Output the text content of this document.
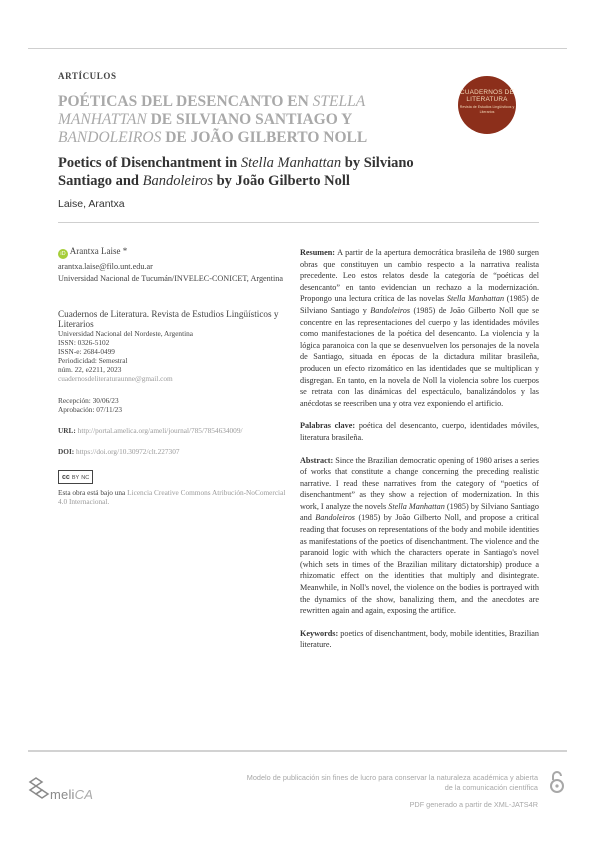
ARTÍCULOS
CUADERNOS DE LITERATURA
Revista de Estudios Lingüísticos y Literarios
POÉTICAS DEL DESENCANTO EN STELLA MANHATTAN DE SILVIANO SANTIAGO Y BANDOLEIROS DE JOÃO GILBERTO NOLL
Poetics of Disenchantment in Stella Manhattan by Silviano Santiago and Bandoleiros by João Gilberto Noll
Laise, Arantxa
iD Arantxa Laise *
arantxa.laise@filo.unt.edu.ar
Universidad Nacional de Tucumán/INVELEC-CONICET, Argentina
Cuadernos de Literatura. Revista de Estudios Lingüísticos y Literarios
Universidad Nacional del Nordeste, Argentina
ISSN: 0326-5102
ISSN-e: 2684-0499
Periodicidad: Semestral
núm. 22, e2211, 2023
cuadernosdeliteraturaunne@gmail.com
Recepción: 30/06/23
Aprobación: 07/11/23
URL: http://portal.amelica.org/ameli/journal/785/7854634009/
DOI: https://doi.org/10.30972/clt.227307
cc BY NC
Esta obra está bajo una Licencia Creative Commons Atribución-NoComercial 4.0 Internacional.

Resumen: A partir de la apertura democrática brasileña de 1980 surgen obras que constituyen un cambio respecto a la narrativa realista precedente. Leo estos relatos desde la categoría de “poéticas del desencanto” en tanto evidencian un rechazo a la modernización. Propongo una lectura crítica de las novelas Stella Manhattan (1985) de Silviano Santiago y Bandoleiros (1985) de João Gilberto Noll que se concentre en las representaciones del cuerpo y las identidades móviles como manifestaciones de la poética del desencanto. La violencia y la lógica paranoica con la que se desenvuelven los personajes de la novela de Santiago, situada en épocas de la dictadura militar brasileña, producen un efecto rizomático en las identidades que se multiplican y disgregan. En tanto, en la novela de Noll la violencia sobre los cuerpos se retrata con las dinámicas del espectáculo, banalizándolos y las anécdotas se reescriben una y otra vez exponiendo el artificio.

Palabras clave: poética del desencanto, cuerpo, identidades móviles, literatura brasileña.

Abstract: Since the Brazilian democratic opening of 1980 arises a series of works that constitute a change concerning the preceding realistic narrative. I read these narratives from the category of “poetics of disenchantment” as they show a rejection of modernization. In this work, I analyze the novels Stella Manhattan (1985) by Silviano Santiago and Bandoleiros (1985) by João Gilberto Noll, and propose a critical reading that focuses on representations of the body and mobile identities as manifestations of the poetics of disenchantment. The violence and the paranoid logic with which the characters operate in Santiago's novel (which sets in times of the Brazilian military dictatorship) produce a rhizomatic effect on the identities that multiply and disintegrate. Meanwhile, in Noll's novel, the violence on the bodies is portrayed with the dynamics of the show, banalizing them, and the anecdotes are rewritten again and again, exposing the artifice.

Keywords: poetics of disenchantment, body, mobile identities, Brazilian literature.

meliCA
Modelo de publicación sin fines de lucro para conservar la naturaleza académica y abierta de la comunicación científica
PDF generado a partir de XML-JATS4R
